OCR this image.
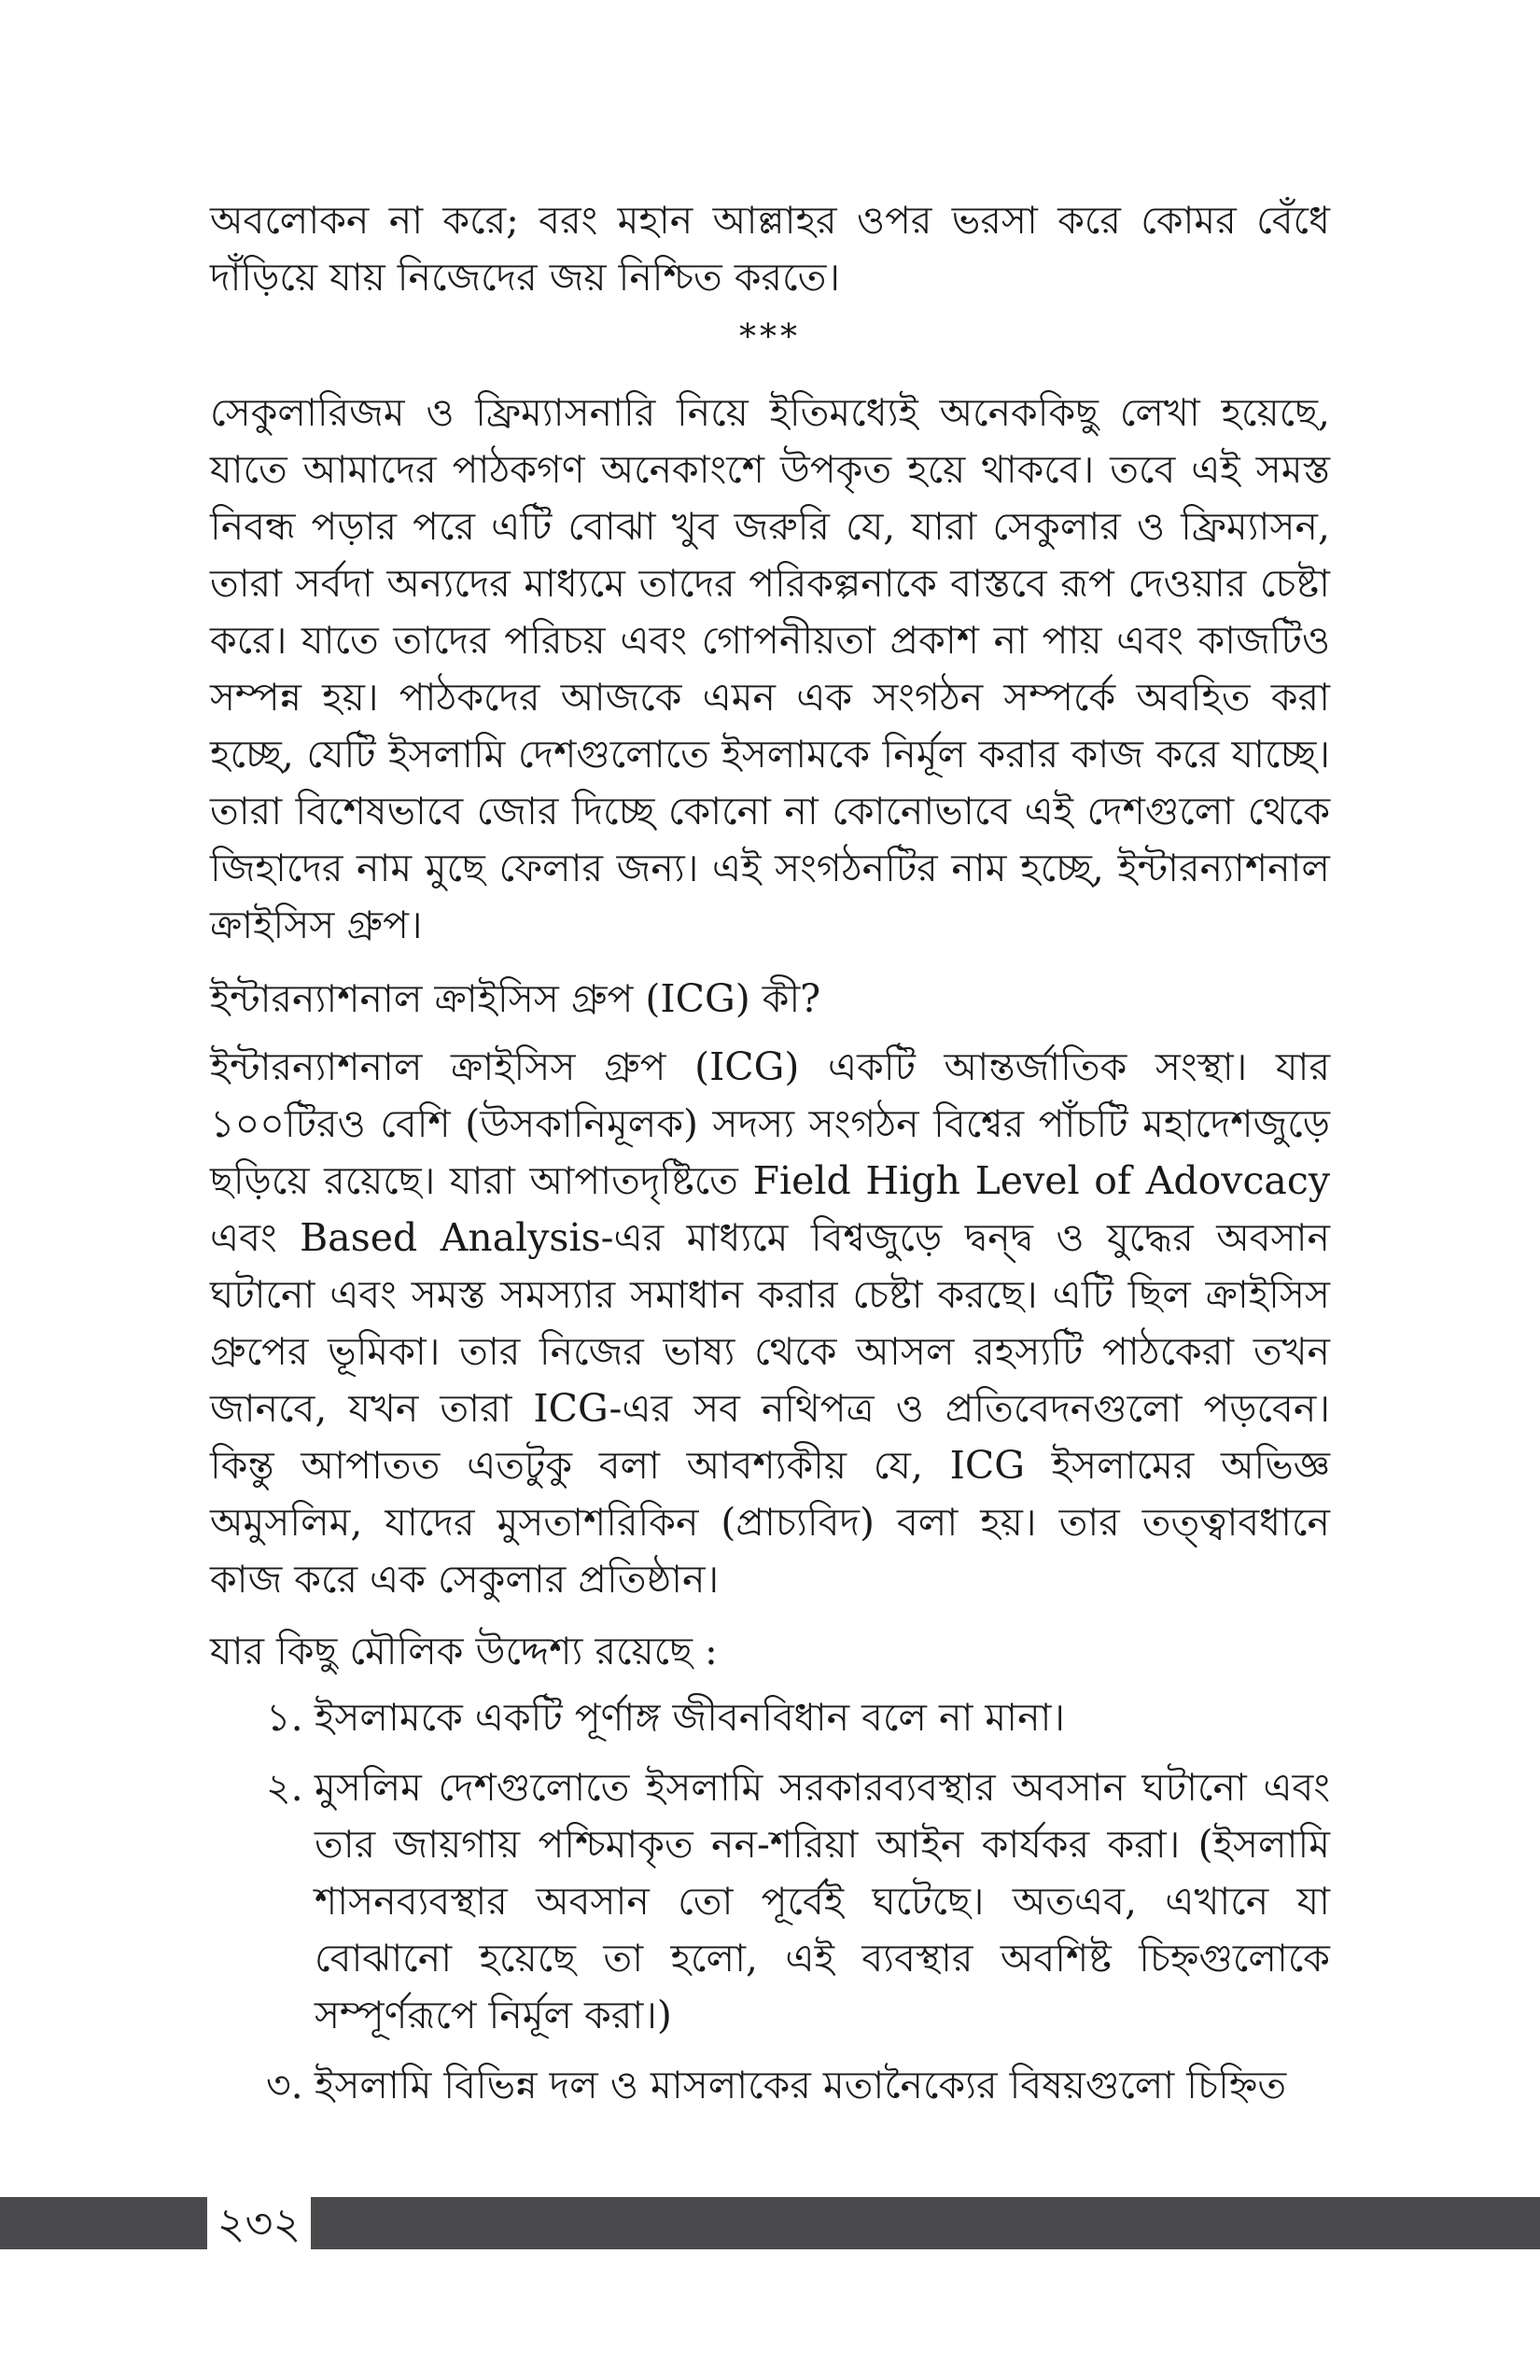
অবলোকন না করে; বরং মহান আল্লাহর ওপর ভরসা করে কোমর বেঁধে দাঁড়িয়ে যায় নিজেদের জয় নিশ্চিত করতে।

***

সেকুলারিজম ও ফ্রিম্যাসনারি নিয়ে ইতিমধ্যেই অনেককিছু লেখা হয়েছে, যাতে আমাদের পাঠকগণ অনেকাংশে উপকৃত হয়ে থাকবে। তবে এই সমস্ত নিবন্ধ পড়ার পরে এটি বোঝা খুব জরুরি যে, যারা সেকুলার ও ফ্রিম্যাসন, তারা সর্বদা অন্যদের মাধ্যমে তাদের পরিকল্পনাকে বাস্তবে রূপ দেওয়ার চেষ্টা করে। যাতে তাদের পরিচয় এবং গোপনীয়তা প্রকাশ না পায় এবং কাজটিও সম্পন্ন হয়। পাঠকদের আজকে এমন এক সংগঠন সম্পর্কে অবহিত করা হচ্ছে, যেটি ইসলামি দেশগুলোতে ইসলামকে নির্মূল করার কাজ করে যাচ্ছে। তারা বিশেষভাবে জোর দিচ্ছে কোনো না কোনোভাবে এই দেশগুলো থেকে জিহাদের নাম মুছে ফেলার জন্য। এই সংগঠনটির নাম হচ্ছে, ইন্টারন্যাশনাল ক্রাইসিস গ্রুপ।

ইন্টারন্যাশনাল ক্রাইসিস গ্রুপ (ICG) কী?

ইন্টারন্যাশনাল ক্রাইসিস গ্রুপ (ICG) একটি আন্তর্জাতিক সংস্থা। যার ১০০টিরও বেশি (উসকানিমূলক) সদস্য সংগঠন বিশ্বের পাঁচটি মহাদেশজুড়ে ছড়িয়ে রয়েছে। যারা আপাতদৃষ্টিতে Field High Level of Adovcacy এবং Based Analysis-এর মাধ্যমে বিশ্বজুড়ে দ্বন্দ্ব ও যুদ্ধের অবসান ঘটানো এবং সমস্ত সমস্যার সমাধান করার চেষ্টা করছে। এটি ছিল ক্রাইসিস গ্রুপের ভূমিকা। তার নিজের ভাষ্য থেকে আসল রহস্যটি পাঠকেরা তখন জানবে, যখন তারা ICG-এর সব নথিপত্র ও প্রতিবেদনগুলো পড়বেন। কিন্তু আপাতত এতটুকু বলা আবশ্যকীয় যে, ICG ইসলামের অভিজ্ঞ অমুসলিম, যাদের মুসতাশরিকিন (প্রাচ্যবিদ) বলা হয়। তার তত্ত্বাবধানে কাজ করে এক সেকুলার প্রতিষ্ঠান।

যার কিছু মৌলিক উদ্দেশ্য রয়েছে :

১. ইসলামকে একটি পূর্ণাঙ্গ জীবনবিধান বলে না মানা।
২. মুসলিম দেশগুলোতে ইসলামি সরকারব্যবস্থার অবসান ঘটানো এবং তার জায়গায় পশ্চিমাকৃত নন-শরিয়া আইন কার্যকর করা। (ইসলামি শাসনব্যবস্থার অবসান তো পূর্বেই ঘটেছে। অতএব, এখানে যা বোঝানো হয়েছে তা হলো, এই ব্যবস্থার অবশিষ্ট চিহ্নগুলোকে সম্পূর্ণরূপে নির্মূল করা।)
৩. ইসলামি বিভিন্ন দল ও মাসলাকের মতানৈক্যের বিষয়গুলো চিহ্নিত
২৩২
